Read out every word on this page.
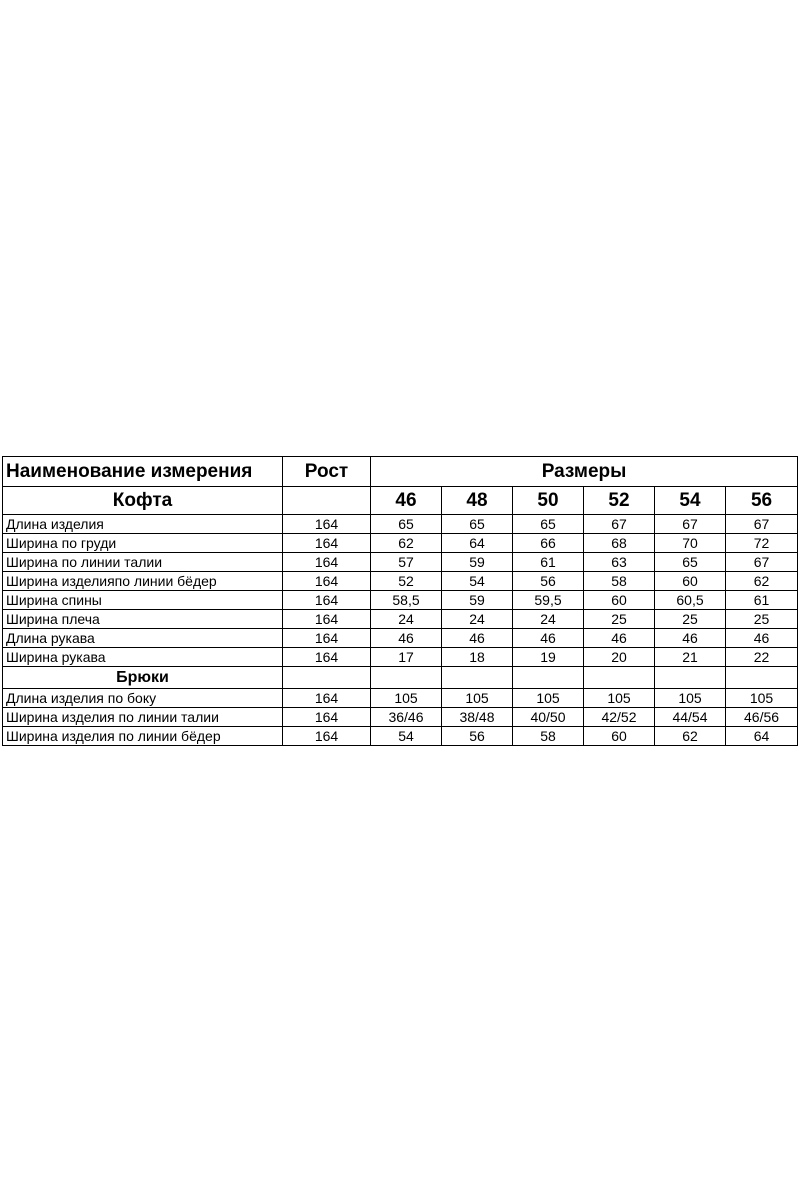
Наименование измерения	Рост	Размеры					
Кофта		46	48	50	52	54	56
Длина изделия	164	65	65	65	67	67	67
Ширина по груди	164	62	64	66	68	70	72
Ширина по линии талии	164	57	59	61	63	65	67
Ширина изделияпо линии бёдер	164	52	54	56	58	60	62
Ширина спины	164	58,5	59	59,5	60	60,5	61
Ширина плеча	164	24	24	24	25	25	25
Длина рукава	164	46	46	46	46	46	46
Ширина рукава	164	17	18	19	20	21	22
Брюки							
Длина изделия по боку	164	105	105	105	105	105	105
Ширина изделия по линии талии	164	36/46	38/48	40/50	42/52	44/54	46/56
Ширина изделия по линии бёдер	164	54	56	58	60	62	64
